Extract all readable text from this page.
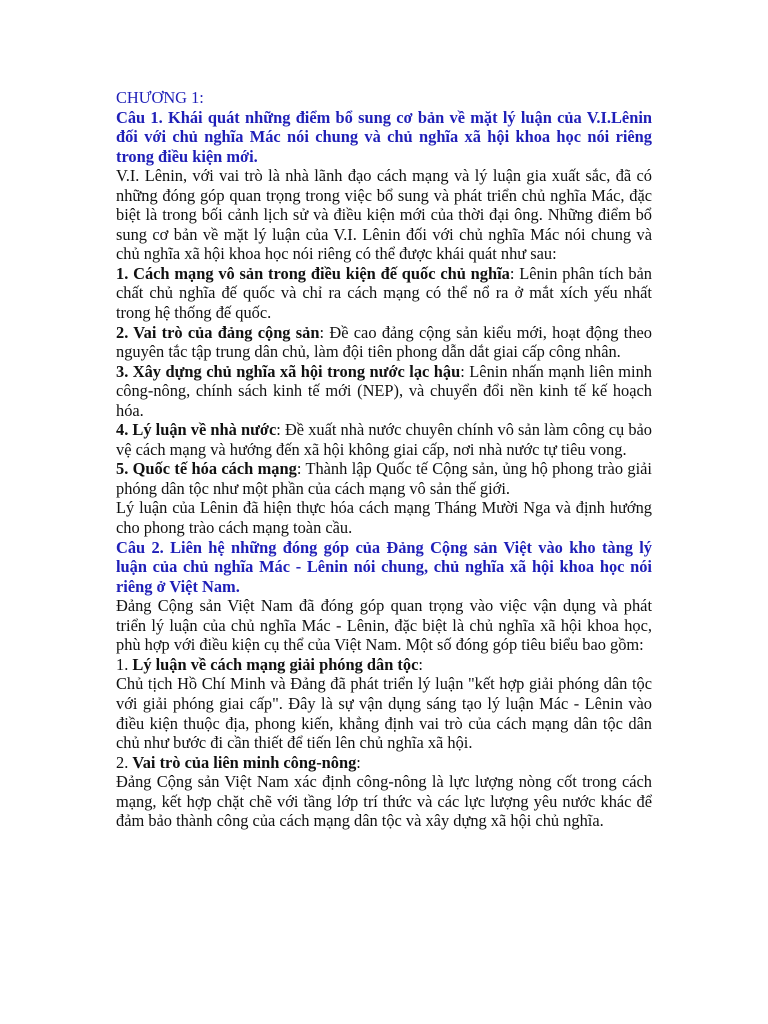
CHƯƠNG 1:

Câu 1. Khái quát những điểm bổ sung cơ bản về mặt lý luận của V.I.Lênin đối với chủ nghĩa Mác nói chung và chủ nghĩa xã hội khoa học nói riêng trong điều kiện mới.

V.I. Lênin, với vai trò là nhà lãnh đạo cách mạng và lý luận gia xuất sắc, đã có những đóng góp quan trọng trong việc bổ sung và phát triển chủ nghĩa Mác, đặc biệt là trong bối cảnh lịch sử và điều kiện mới của thời đại ông. Những điểm bổ sung cơ bản về mặt lý luận của V.I. Lênin đối với chủ nghĩa Mác nói chung và chủ nghĩa xã hội khoa học nói riêng có thể được khái quát như sau:

1. Cách mạng vô sản trong điều kiện đế quốc chủ nghĩa: Lênin phân tích bản chất chủ nghĩa đế quốc và chỉ ra cách mạng có thể nổ ra ở mắt xích yếu nhất trong hệ thống đế quốc.

2. Vai trò của đảng cộng sản: Đề cao đảng cộng sản kiểu mới, hoạt động theo nguyên tắc tập trung dân chủ, làm đội tiên phong dẫn dắt giai cấp công nhân.

3. Xây dựng chủ nghĩa xã hội trong nước lạc hậu: Lênin nhấn mạnh liên minh công-nông, chính sách kinh tế mới (NEP), và chuyển đổi nền kinh tế kế hoạch hóa.

4. Lý luận về nhà nước: Đề xuất nhà nước chuyên chính vô sản làm công cụ bảo vệ cách mạng và hướng đến xã hội không giai cấp, nơi nhà nước tự tiêu vong.

5. Quốc tế hóa cách mạng: Thành lập Quốc tế Cộng sản, ủng hộ phong trào giải phóng dân tộc như một phần của cách mạng vô sản thế giới.

Lý luận của Lênin đã hiện thực hóa cách mạng Tháng Mười Nga và định hướng cho phong trào cách mạng toàn cầu.

Câu 2. Liên hệ những đóng góp của Đảng Cộng sản Việt vào kho tàng lý luận của chủ nghĩa Mác - Lênin nói chung, chủ nghĩa xã hội khoa học nói riêng ở Việt Nam.

Đảng Cộng sản Việt Nam đã đóng góp quan trọng vào việc vận dụng và phát triển lý luận của chủ nghĩa Mác - Lênin, đặc biệt là chủ nghĩa xã hội khoa học, phù hợp với điều kiện cụ thể của Việt Nam. Một số đóng góp tiêu biểu bao gồm:

1. Lý luận về cách mạng giải phóng dân tộc:

Chủ tịch Hồ Chí Minh và Đảng đã phát triển lý luận "kết hợp giải phóng dân tộc với giải phóng giai cấp". Đây là sự vận dụng sáng tạo lý luận Mác - Lênin vào điều kiện thuộc địa, phong kiến, khẳng định vai trò của cách mạng dân tộc dân chủ như bước đi cần thiết để tiến lên chủ nghĩa xã hội.

2. Vai trò của liên minh công-nông:

Đảng Cộng sản Việt Nam xác định công-nông là lực lượng nòng cốt trong cách mạng, kết hợp chặt chẽ với tầng lớp trí thức và các lực lượng yêu nước khác để đảm bảo thành công của cách mạng dân tộc và xây dựng xã hội chủ nghĩa.
